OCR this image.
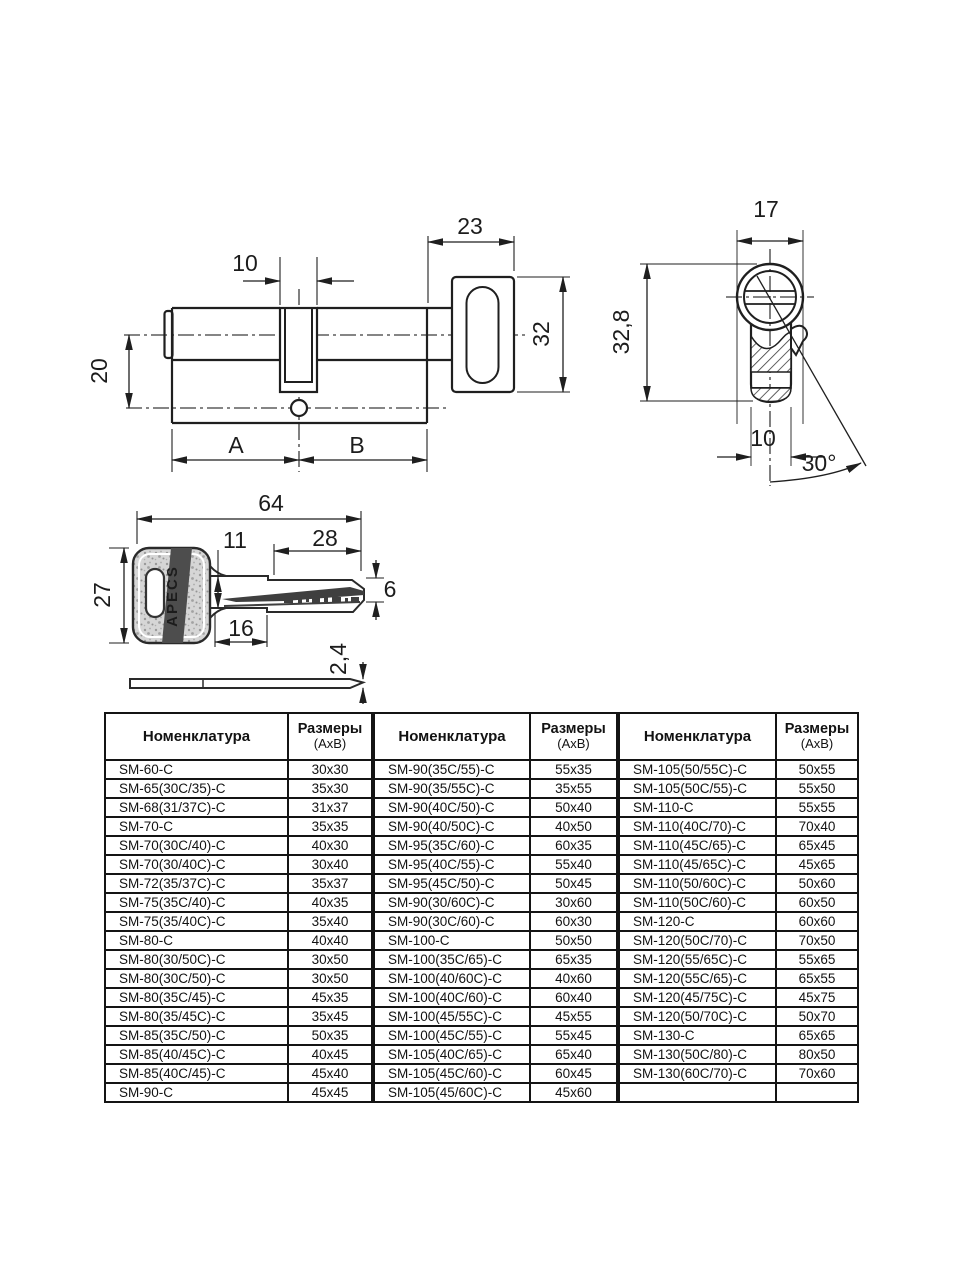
10
23
32
20
A	B
17
32,8
10
30°
APECS
64
27
11	28
6
16
2,4
Номенклатура	Размеры
(АхВ)

SM-60-C	30x30
SM-65(30C/35)-C	35x30
SM-68(31/37C)-C	31x37
SM-70-C	35x35
SM-70(30C/40)-C	40x30
SM-70(30/40C)-C	30x40
SM-72(35/37C)-C	35x37
SM-75(35C/40)-C	40x35
SM-75(35/40C)-C	35x40
SM-80-C	40x40
SM-80(30/50C)-C	30x50
SM-80(30C/50)-C	30x50
SM-80(35C/45)-C	45x35
SM-80(35/45C)-C	35x45
SM-85(35C/50)-C	50x35
SM-85(40/45C)-C	40x45
SM-85(40C/45)-C	45x40
SM-90-C	45x45
Номенклатура	Размеры
(АхВ)

SM-90(35C/55)-C	55x35
SM-90(35/55C)-C	35x55
SM-90(40C/50)-C	50x40
SM-90(40/50C)-C	40x50
SM-95(35C/60)-C	60x35
SM-95(40C/55)-C	55x40
SM-95(45C/50)-C	50x45
SM-90(30/60C)-C	30x60
SM-90(30C/60)-C	60x30
SM-100-C	50x50
SM-100(35C/65)-C	65x35
SM-100(40/60C)-C	40x60
SM-100(40C/60)-C	60x40
SM-100(45/55C)-C	45x55
SM-100(45C/55)-C	55x45
SM-105(40C/65)-C	65x40
SM-105(45C/60)-C	60x45
SM-105(45/60C)-C	45x60
Номенклатура	Размеры
(АхВ)

SM-105(50/55C)-C	50x55
SM-105(50C/55)-C	55x50
SM-110-C	55x55
SM-110(40C/70)-C	70x40
SM-110(45C/65)-C	65x45
SM-110(45/65C)-C	45x65
SM-110(50/60C)-C	50x60
SM-110(50C/60)-C	60x50
SM-120-C	60x60
SM-120(50C/70)-C	70x50
SM-120(55/65C)-C	55x65
SM-120(55C/65)-C	65x55
SM-120(45/75C)-C	45x75
SM-120(50/70C)-C	50x70
SM-130-C	65x65
SM-130(50C/80)-C	80x50
SM-130(60C/70)-C	70x60
